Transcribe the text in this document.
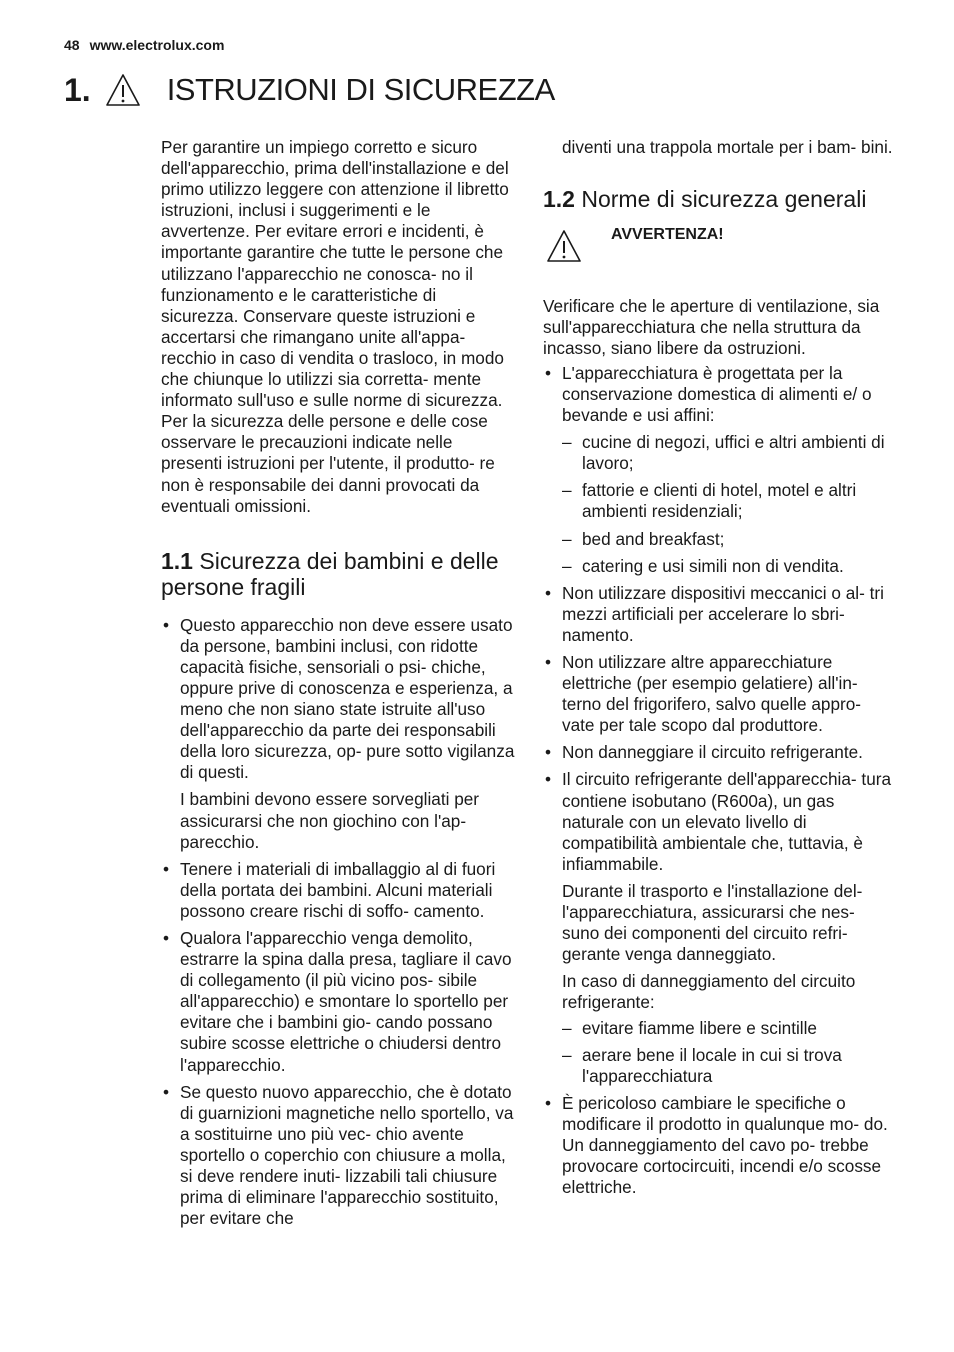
48 www.electrolux.com
1. ISTRUZIONI DI SICUREZZA

Per garantire un impiego corretto e sicuro dell'apparecchio, prima dell'installazione e del primo utilizzo leggere con attenzione il libretto istruzioni, inclusi i suggerimenti e le avvertenze. Per evitare errori e incidenti, è importante garantire che tutte le persone che utilizzano l'apparecchio ne conosca- no il funzionamento e le caratteristiche di sicurezza. Conservare queste istruzioni e accertarsi che rimangano unite all'appa- recchio in caso di vendita o trasloco, in modo che chiunque lo utilizzi sia corretta- mente informato sull'uso e sulle norme di sicurezza.

Per la sicurezza delle persone e delle cose osservare le precauzioni indicate nelle presenti istruzioni per l'utente, il produtto- re non è responsabile dei danni provocati da eventuali omissioni.

1.1 Sicurezza dei bambini e delle persone fragili

• Questo apparecchio non deve essere usato da persone, bambini inclusi, con ridotte capacità fisiche, sensoriali o psi- chiche, oppure prive di conoscenza e esperienza, a meno che non siano state istruite all'uso dell'apparecchio da parte dei responsabili della loro sicurezza, op- pure sotto vigilanza di questi.

I bambini devono essere sorvegliati per assicurarsi che non giochino con l'ap- parecchio.

• Tenere i materiali di imballaggio al di fuori della portata dei bambini. Alcuni materiali possono creare rischi di soffo- camento.

• Qualora l'apparecchio venga demolito, estrarre la spina dalla presa, tagliare il cavo di collegamento (il più vicino pos- sibile all'apparecchio) e smontare lo sportello per evitare che i bambini gio- cando possano subire scosse elettriche o chiudersi dentro l'apparecchio.

• Se questo nuovo apparecchio, che è dotato di guarnizioni magnetiche nello sportello, va a sostituirne uno più vec- chio avente sportello o coperchio con chiusure a molla, si deve rendere inuti- lizzabili tali chiusure prima di eliminare l'apparecchio sostituito, per evitare che

diventi una trappola mortale per i bam- bini.

1.2 Norme di sicurezza generali
AVVERTENZA!

Verificare che le aperture di ventilazione, sia sull'apparecchiatura che nella struttura da incasso, siano libere da ostruzioni.

• L'apparecchiatura è progettata per la conservazione domestica di alimenti e/ o bevande e usi affini:

– cucine di negozi, uffici e altri ambienti di lavoro;
– fattorie e clienti di hotel, motel e altri ambienti residenziali;
– bed and breakfast;
– catering e usi simili non di vendita.

• Non utilizzare dispositivi meccanici o al- tri mezzi artificiali per accelerare lo sbri- namento.

• Non utilizzare altre apparecchiature elettriche (per esempio gelatiere) all'in- terno del frigorifero, salvo quelle appro- vate per tale scopo dal produttore.

• Non danneggiare il circuito refrigerante.

• Il circuito refrigerante dell'apparecchia- tura contiene isobutano (R600a), un gas naturale con un elevato livello di compatibilità ambientale che, tuttavia, è infiammabile.

Durante il trasporto e l'installazione del- l'apparecchiatura, assicurarsi che nes- suno dei componenti del circuito refri- gerante venga danneggiato.

In caso di danneggiamento del circuito refrigerante:

– evitare fiamme libere e scintille
– aerare bene il locale in cui si trova l'apparecchiatura

• È pericoloso cambiare le specifiche o modificare il prodotto in qualunque mo- do. Un danneggiamento del cavo po- trebbe provocare cortocircuiti, incendi e/o scosse elettriche.
